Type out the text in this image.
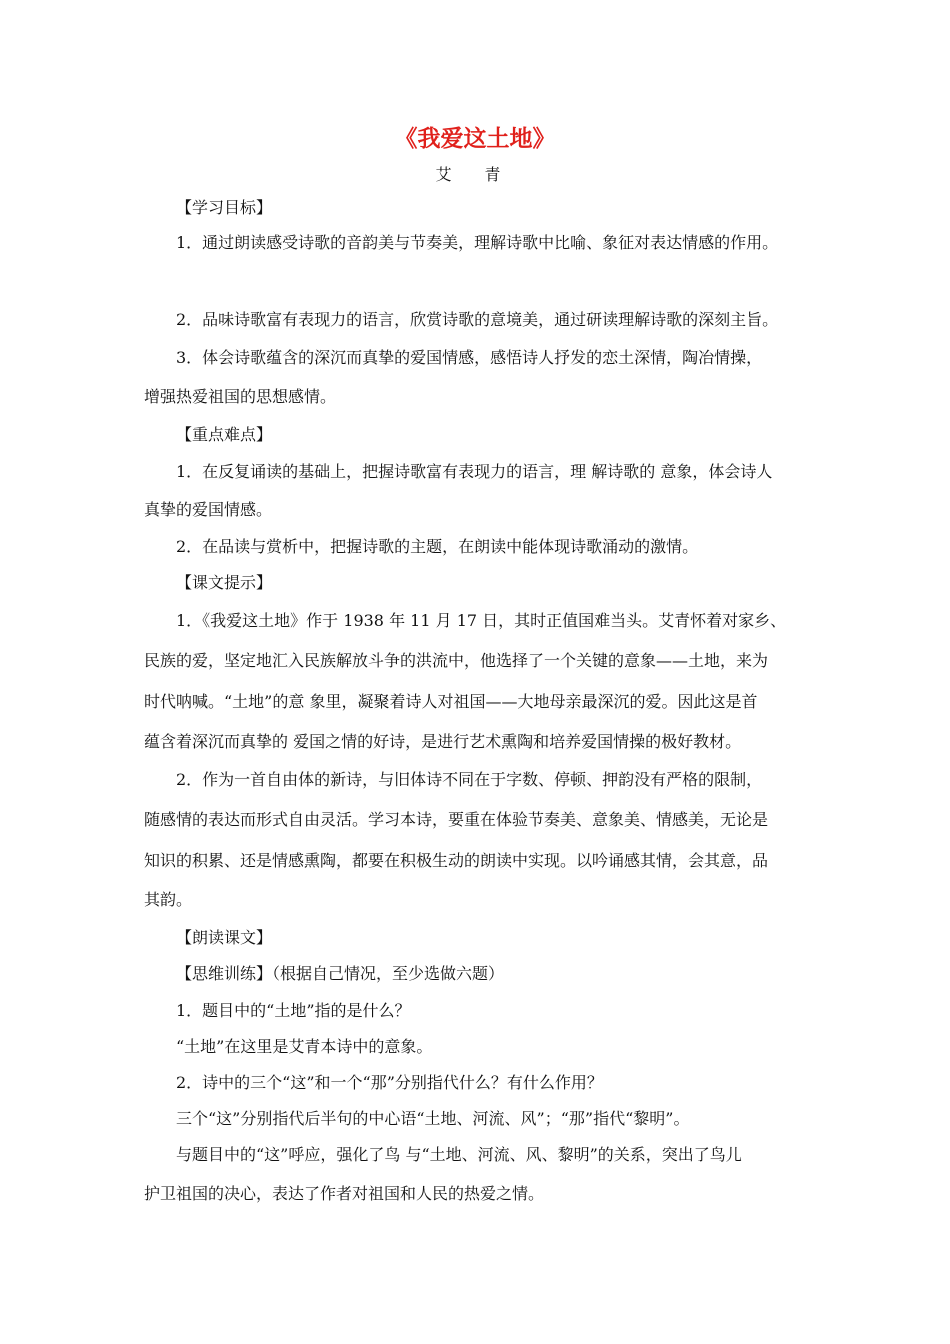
《我爱这土地》
艾 青
【学习目标】
1．通过朗读感受诗歌的音韵美与节奏美，理解诗歌中比喻、象征对表达情感的作用。
2．品味诗歌富有表现力的语言，欣赏诗歌的意境美，通过研读理解诗歌的深刻主旨。
3．体会诗歌蕴含的深沉而真挚的爱国情感，感悟诗人抒发的恋土深情，陶冶情操，
增强热爱祖国的思想感情。
【重点难点】
1．在反复诵读的基础上，把握诗歌富有表现力的语言，理 解诗歌的 意象，体会诗人
真挚的爱国情感。
2．在品读与赏析中，把握诗歌的主题，在朗读中能体现诗歌涌动的激情。
【课文提示】
1．《我爱这土地》作于 1938 年 11 月 17 日，其时正值国难当头。艾青怀着对家乡、
民族的爱，坚定地汇入民族解放斗争的洪流中，他选择了一个关键的意象——土地，来为
时代呐喊。“土地”的意 象里，凝聚着诗人对祖国——大地母亲最深沉的爱。因此这是首
蕴含着深沉而真挚的 爱国之情的好诗，是进行艺术熏陶和培养爱国情操的极好教材。
2．作为一首自由体的新诗，与旧体诗不同在于字数、停顿、押韵没有严格的限制，
随感情的表达而形式自由灵活。学习本诗，要重在体验节奏美、意象美、情感美，无论是
知识的积累、还是情感熏陶，都要在积极生动的朗读中实现。以吟诵感其情，会其意，品
其韵。
【朗读课文】
【思维训练】（根据自己情况，至少选做六题）
1．题目中的“土地”指的是什么？
“土地”在这里是艾青本诗中的意象。
2．诗中的三个“这”和一个“那”分别指代什么？有什么作用？
三个“这”分别指代后半句的中心语“土地、河流、风”；“那”指代“黎明”。
与题目中的“这”呼应，强化了鸟 与“土地、河流、风、黎明”的关系，突出了鸟儿
护卫祖国的决心，表达了作者对祖国和人民的热爱之情。
